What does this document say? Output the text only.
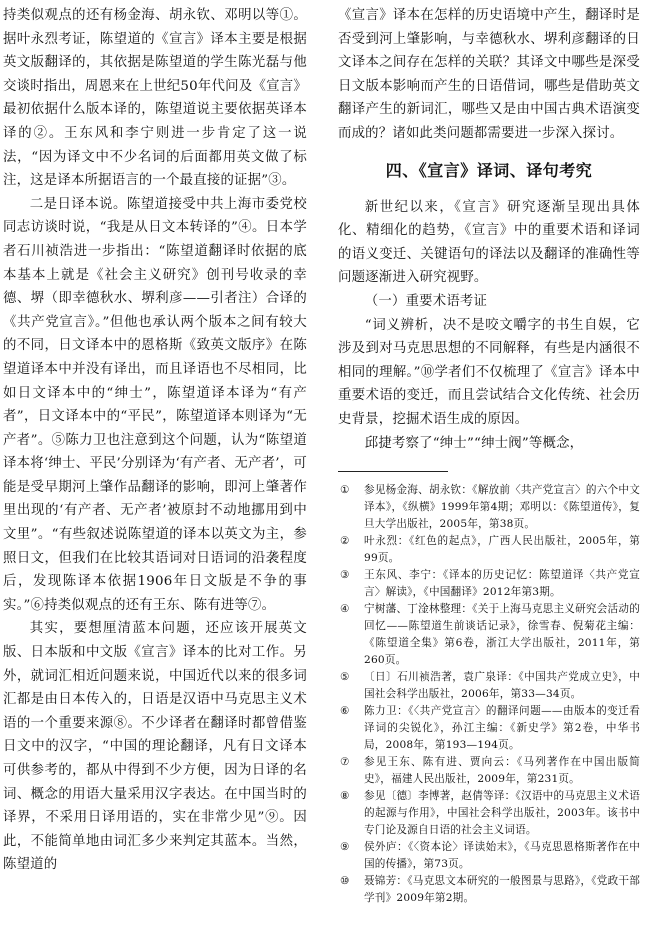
持类似观点的还有杨金海、胡永钦、邓明以等①。据叶永烈考证，陈望道的《宣言》译本主要是根据英文版翻译的，其依据是陈望道的学生陈光磊与他交谈时指出，周恩来在上世纪50年代问及《宣言》最初依据什么版本译的，陈望道说主要依据英译本译的②。王东风和李宁则进一步肯定了这一说法，“因为译文中不少名词的后面都用英文做了标注，这是译本所据语言的一个最直接的证据”③。

二是日译本说。陈望道接受中共上海市委党校同志访谈时说，“我是从日文本转译的”④。日本学者石川祯浩进一步指出：“陈望道翻译时依据的底本基本上就是《社会主义研究》创刊号收录的幸德、堺（即幸德秋水、堺利彦——引者注）合译的《共产党宣言》。”但他也承认两个版本之间有较大的不同，日文译本中的恩格斯《致英文版序》在陈望道译本中并没有译出，而且译语也不尽相同，比如日文译本中的“绅士”，陈望道译本译为“有产者”，日文译本中的“平民”，陈望道译本则译为“无产者”。⑤陈力卫也注意到这个问题，认为“陈望道译本将‘绅士、平民’分别译为‘有产者、无产者’，可能是受早期河上肇作品翻译的影响，即河上肇著作里出现的‘有产者、无产者’被原封不动地挪用到中文里”。“有些叙述说陈望道的译本以英文为主，参照日文，但我们在比较其语词对日语词的沿袭程度后，发现陈译本依据1906年日文版是不争的事实。”⑥持类似观点的还有王东、陈有进等⑦。

其实，要想厘清蓝本问题，还应该开展英文版、日本版和中文版《宣言》译本的比对工作。另外，就词汇相近问题来说，中国近代以来的很多词汇都是由日本传入的，日语是汉语中马克思主义术语的一个重要来源⑧。不少译者在翻译时都曾借鉴日文中的汉字，“中国的理论翻译，凡有日文译本可供参考的，都从中得到不少方便，因为日译的名词、概念的用语大量采用汉字表达。在中国当时的译界，不采用日译用语的，实在非常少见”⑨。因此，不能简单地由词汇多少来判定其蓝本。当然，陈望道的

《宣言》译本在怎样的历史语境中产生，翻译时是否受到河上肇影响，与幸德秋水、堺利彦翻译的日文译本之间存在怎样的关联？其译文中哪些是深受日文版本影响而产生的日语借词，哪些是借助英文翻译产生的新词汇，哪些又是由中国古典术语演变而成的？诸如此类问题都需要进一步深入探讨。

四、《宣言》译词、译句考究

新世纪以来，《宣言》研究逐渐呈现出具体化、精细化的趋势，《宣言》中的重要术语和译词的语义变迁、关键语句的译法以及翻译的准确性等问题逐渐进入研究视野。

（一）重要术语考证

“词义辨析，决不是咬文嚼字的书生自娱，它涉及到对马克思思想的不同解释，有些是内涵很不相同的理解。”⑩学者们不仅梳理了《宣言》译本中重要术语的变迁，而且尝试结合文化传统、社会历史背景，挖掘术语生成的原因。

邱捷考察了“绅士”“绅士阀”等概念，

① 参见杨金海、胡永钦：《解放前〈共产党宣言〉的六个中文译本》，《纵横》1999年第4期；邓明以：《陈望道传》，复旦大学出版社，2005年，第38页。
② 叶永烈：《红色的起点》，广西人民出版社，2005年，第99页。
③ 王东风、李宁：《译本的历史记忆：陈望道译〈共产党宣言〉解读》，《中国翻译》2012年第3期。
④ 宁树藩、丁淦林整理：《关于上海马克思主义研究会活动的回忆——陈望道生前谈话记录》，徐雪春、倪菊花主编：《陈望道全集》第6卷，浙江大学出版社，2011年，第260页。
⑤ 〔日〕石川祯浩著，袁广泉译：《中国共产党成立史》，中国社会科学出版社，2006年，第33—34页。
⑥ 陈力卫：《〈共产党宣言〉的翻译问题——由版本的变迁看译词的尖锐化》，孙江主编：《新史学》第2卷，中华书局，2008年，第193—194页。
⑦ 参见王东、陈有进、贾向云：《马列著作在中国出版简史》，福建人民出版社，2009年，第231页。
⑧ 参见〔德〕李博著，赵倩等译：《汉语中的马克思主义术语的起源与作用》，中国社会科学出版社，2003年。该书中专门论及源自日语的社会主义词语。
⑨ 侯外庐：《〈资本论〉译读始末》，《马克思恩格斯著作在中国的传播》，第73页。
⑩ 聂锦芳：《马克思文本研究的一般图景与思路》，《党政干部学刊》2009年第2期。
